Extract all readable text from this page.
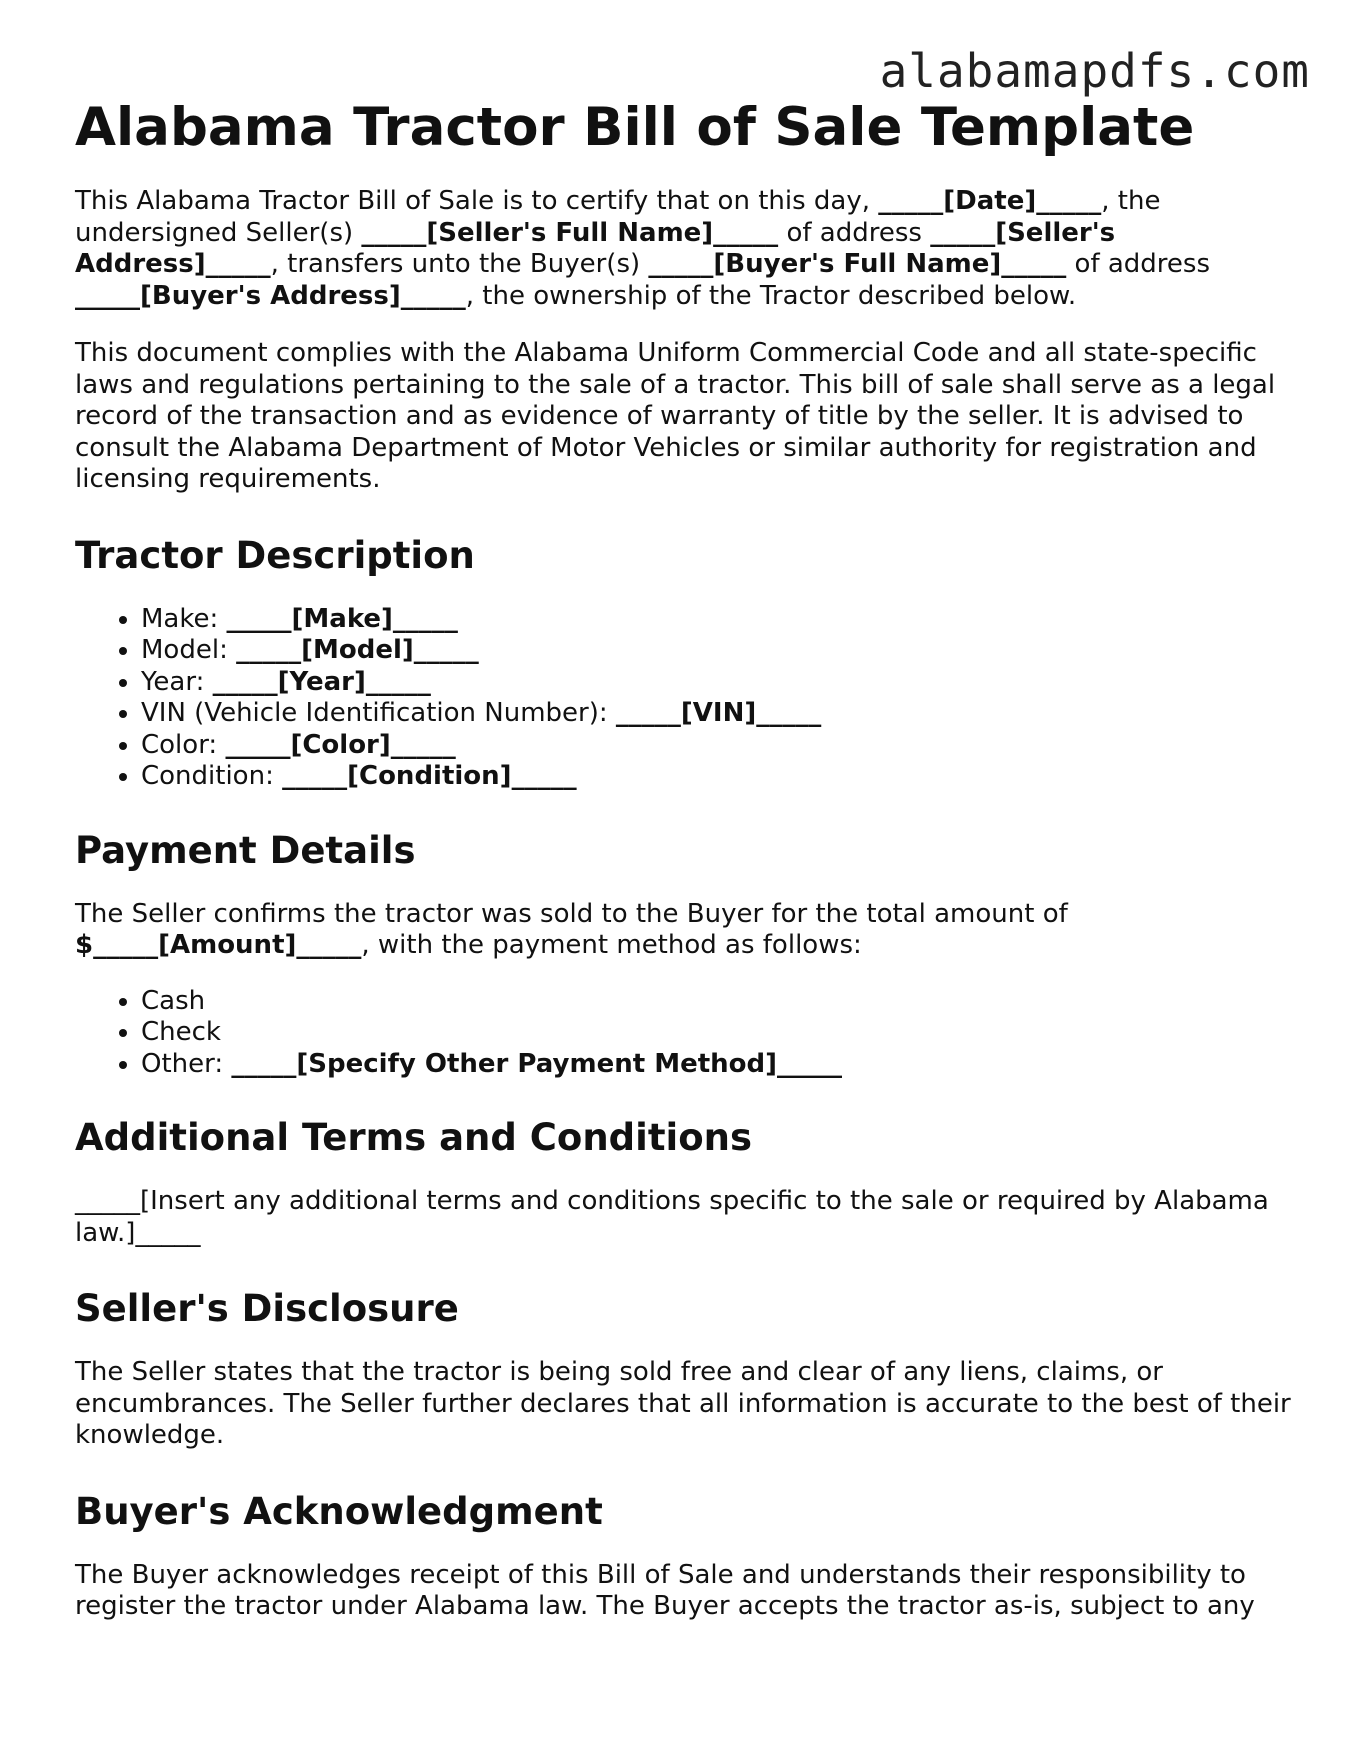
alabamapdfs.com
Alabama Tractor Bill of Sale Template

This Alabama Tractor Bill of Sale is to certify that on this day, _____[Date]_____, the undersigned Seller(s) _____[Seller's Full Name]_____ of address _____[Seller's Address]_____, transfers unto the Buyer(s) _____[Buyer's Full Name]_____ of address _____[Buyer's Address]_____, the ownership of the Tractor described below.

This document complies with the Alabama Uniform Commercial Code and all state-specific laws and regulations pertaining to the sale of a tractor. This bill of sale shall serve as a legal record of the transaction and as evidence of warranty of title by the seller. It is advised to consult the Alabama Department of Motor Vehicles or similar authority for registration and licensing requirements.

Tractor Description
• Make: _____[Make]_____
• Model: _____[Model]_____
• Year: _____[Year]_____
• VIN (Vehicle Identification Number): _____[VIN]_____
• Color: _____[Color]_____
• Condition: _____[Condition]_____
Payment Details

The Seller confirms the tractor was sold to the Buyer for the total amount of $_____[Amount]_____, with the payment method as follows:

• Cash
• Check
• Other: _____[Specify Other Payment Method]_____
Additional Terms and Conditions

_____[Insert any additional terms and conditions specific to the sale or required by Alabama law.]_____

Seller's Disclosure

The Seller states that the tractor is being sold free and clear of any liens, claims, or encumbrances. The Seller further declares that all information is accurate to the best of their knowledge.

Buyer's Acknowledgment

The Buyer acknowledges receipt of this Bill of Sale and understands their responsibility to register the tractor under Alabama law. The Buyer accepts the tractor as-is, subject to any
